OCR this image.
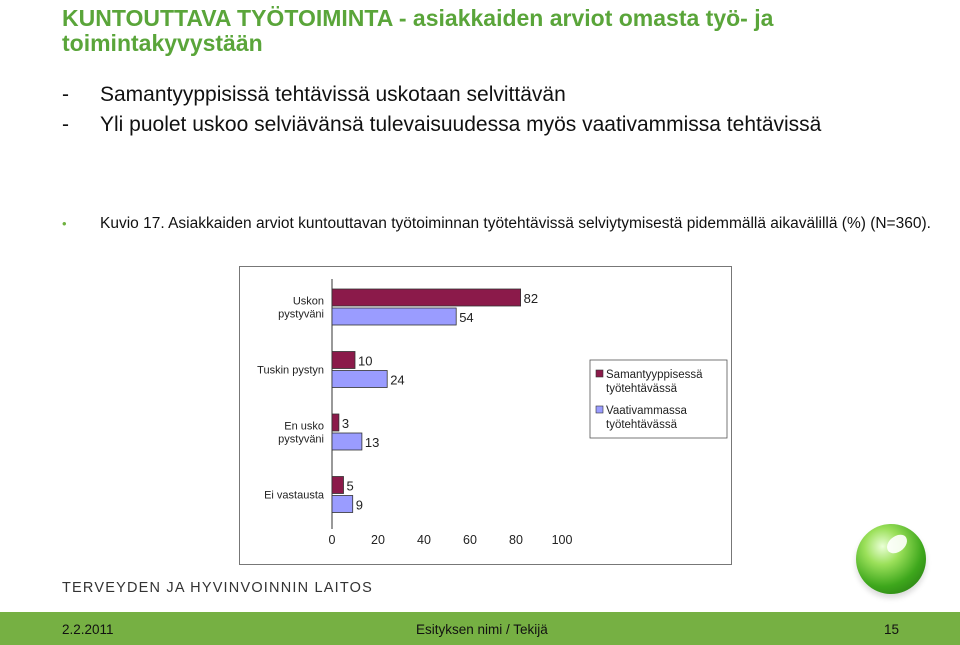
KUNTOUTTAVA TYÖTOIMINTA - asiakkaiden arviot omasta työ- ja toimintakyvystään
- Samantyyppisissä tehtävissä uskotaan selvittävän
- Yli puolet uskoo selviävänsä tulevaisuudessa myös vaativammissa tehtävissä
• Kuvio 17. Asiakkaiden arviot kuntouttavan työtoiminnan työtehtävissä selviytymisestä pidemmällä aikavälillä (%) (N=360).
Uskon pystyväni
82
54
Tuskin pystyn
10
24
En usko pystyväni
3
13
Ei vastausta
5
9
0	20	40	60	80 100
Samantyyppisessä työtehtävässä
Vaativammassa työtehtävässä
TERVEYDEN JA HYVINVOINNIN LAITOS
2.2.2011	Esityksen nimi / Tekijä	15
